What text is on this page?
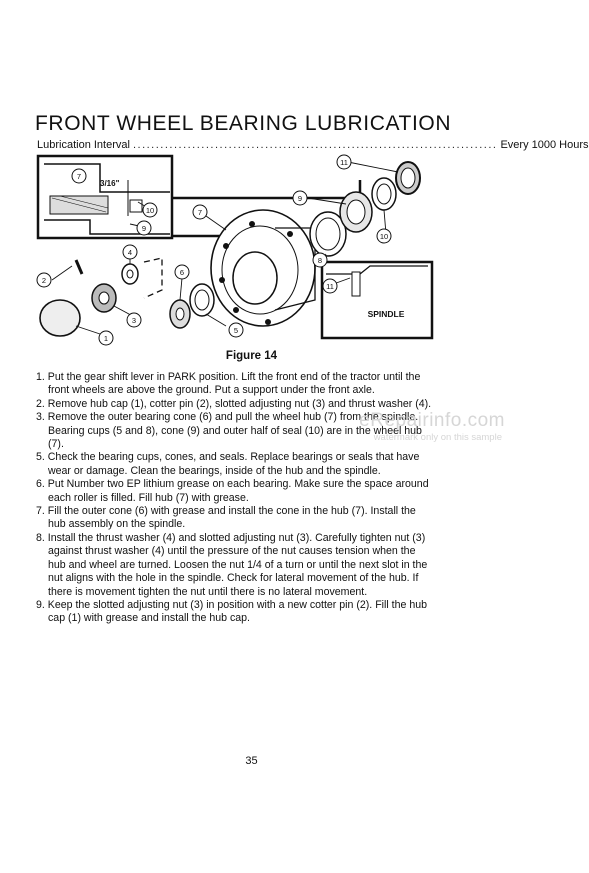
FRONT WHEEL BEARING LUBRICATION
Lubrication Interval ................................................................................ Every 1000 Hours
3/16"
SPINDLE
7
10
9
7
9
11
10
8
4
6
2
3
5
1
11
Figure 14
1. Put the gear shift lever in PARK position. Lift the front end of the tractor until the front wheels are above the ground. Put a support under the front axle.
2. Remove hub cap (1), cotter pin (2), slotted adjusting nut (3) and thrust washer (4).
3. Remove the outer bearing cone (6) and pull the wheel hub (7) from the spindle. Bearing cups (5 and 8), cone (9) and outer half of seal (10) are in the wheel hub (7).
5. Check the bearing cups, cones, and seals. Replace bearings or seals that have wear or damage. Clean the bearings, inside of the hub and the spindle.
6. Put Number two EP lithium grease on each bearing. Make sure the space around each roller is filled. Fill hub (7) with grease.
7. Fill the outer cone (6) with grease and install the cone in the hub (7). Install the hub assembly on the spindle.
8. Install the thrust washer (4) and slotted adjusting nut (3). Carefully tighten nut (3) against thrust washer (4) until the pressure of the nut causes tension when the hub and wheel are turned. Loosen the nut 1/4 of a turn or until the next slot in the nut aligns with the hole in the spindle. Check for lateral movement of the hub. If there is movement tighten the nut until there is no lateral movement.
9. Keep the slotted adjusting nut (3) in position with a new cotter pin (2). Fill the hub cap (1) with grease and install the hub cap.
eRepairinfo.com
watermark only on this sample
35
